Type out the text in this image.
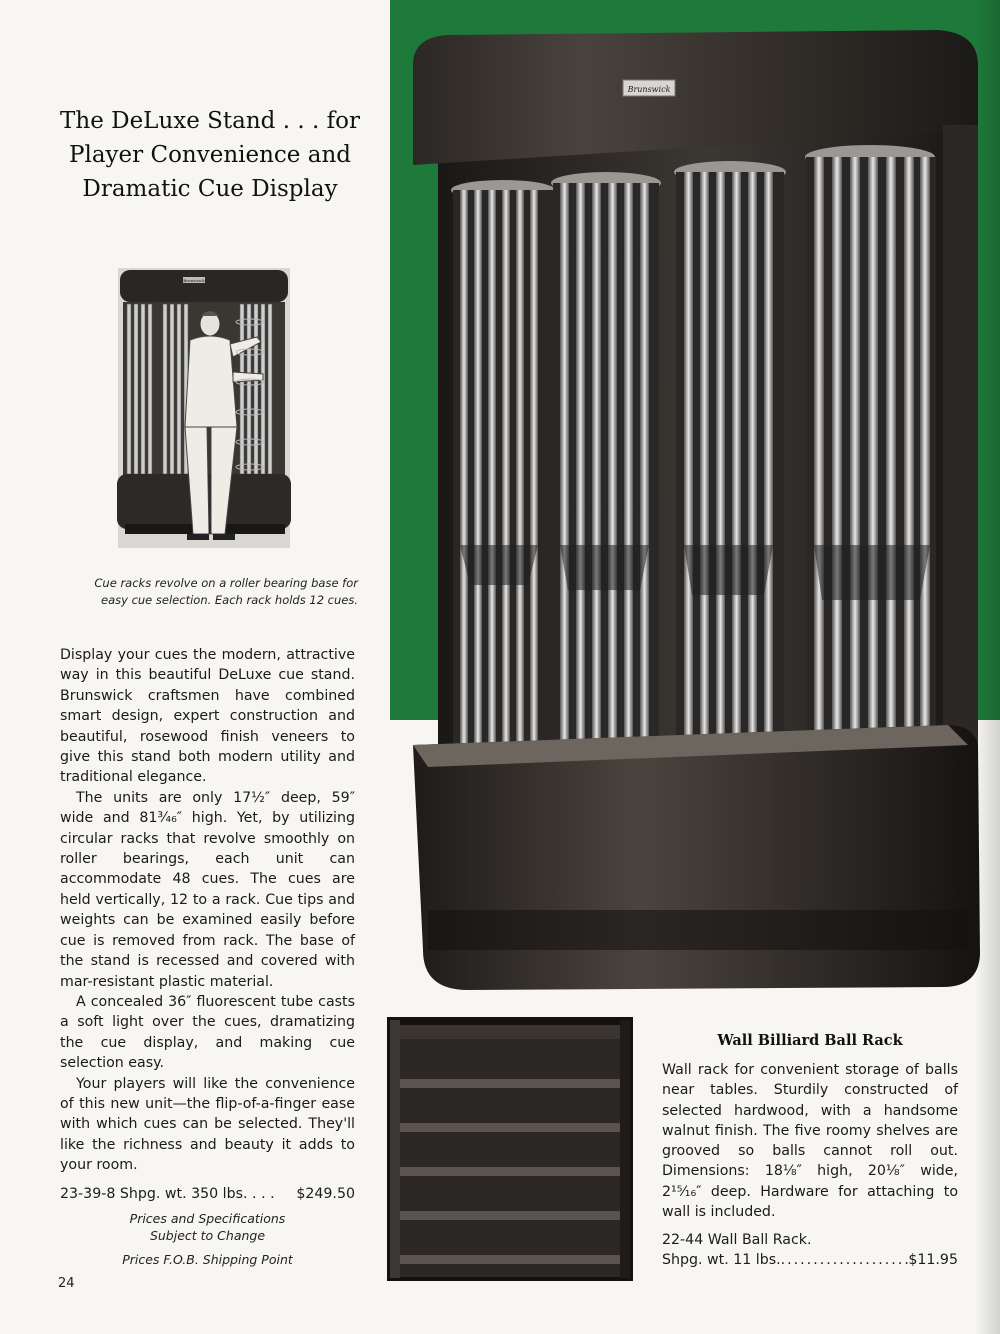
The DeLuxe Stand . . . for
Player Convenience and
Dramatic Cue Display
Brunswick
Cue racks revolve on a roller bearing base for
easy cue selection. Each rack holds 12 cues.

Display your cues the modern, attractive way in this beautiful DeLuxe cue stand. Brunswick craftsmen have combined smart design, expert construction and beautiful, rosewood finish veneers to give this stand both modern utility and traditional elegance.

The units are only 17½″ deep, 59″ wide and 81¾₆″ high. Yet, by utilizing circular racks that revolve smoothly on roller bearings, each unit can accommodate 48 cues. The cues are held vertically, 12 to a rack. Cue tips and weights can be examined easily before cue is removed from rack. The base of the stand is recessed and covered with mar-resistant plastic material.

A concealed 36″ fluorescent tube casts a soft light over the cues, dramatizing the cue display, and making cue selection easy.

Your players will like the convenience of this new unit—the flip-of-a-finger ease with which cues can be selected. They'll like the richness and beauty it adds to your room.

23-39-8 Shpg. wt. 350 lbs. . . . $249.50
Prices and Specifications
Subject to Change
Prices F.O.B. Shipping Point
24
Brunswick
Wall Billiard Ball Rack

Wall rack for convenient storage of balls near tables. Sturdily constructed of selected hardwood, with a handsome walnut finish. The five roomy shelves are grooved so balls cannot roll out. Dimensions: 18⅛″ high, 20⅛″ wide, 2¹⁵⁄₁₆″ deep. Hardware for attaching to wall is included.

22-44 Wall Ball Rack.
Shpg. wt. 11 lbs.
.....	$11.95
